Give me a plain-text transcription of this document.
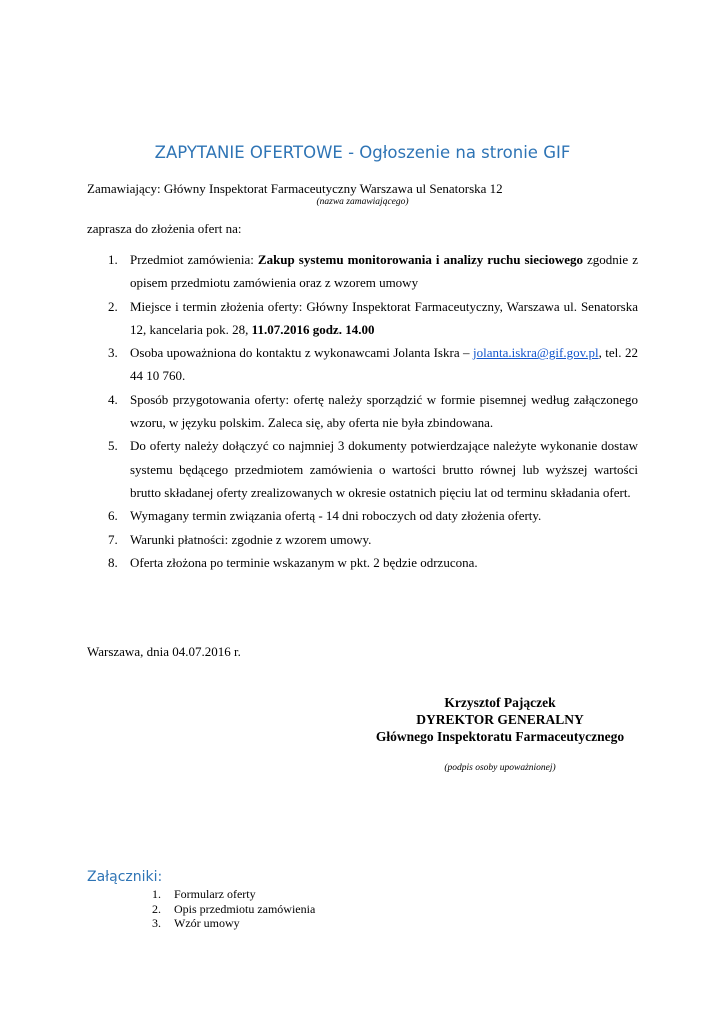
ZAPYTANIE OFERTOWE - Ogłoszenie na stronie GIF
Zamawiający: Główny Inspektorat Farmaceutyczny Warszawa ul Senatorska 12
(nazwa zamawiającego)
zaprasza do złożenia ofert na:
1. Przedmiot zamówienia: Zakup systemu monitorowania i analizy ruchu sieciowego zgodnie z opisem przedmiotu zamówienia oraz z wzorem umowy
2. Miejsce i termin złożenia oferty: Główny Inspektorat Farmaceutyczny, Warszawa ul. Senatorska 12, kancelaria pok. 28, 11.07.2016 godz. 14.00
3. Osoba upoważniona do kontaktu z wykonawcami Jolanta Iskra – jolanta.iskra@gif.gov.pl, tel. 22 44 10 760.
4. Sposób przygotowania oferty: ofertę należy sporządzić w formie pisemnej według załączonego wzoru, w języku polskim. Zaleca się, aby oferta nie była zbindowana.
5. Do oferty należy dołączyć co najmniej 3 dokumenty potwierdzające należyte wykonanie dostaw systemu będącego przedmiotem zamówienia o wartości brutto równej lub wyższej wartości brutto składanej oferty zrealizowanych w okresie ostatnich pięciu lat od terminu składania ofert.
6. Wymagany termin związania ofertą - 14 dni roboczych od daty złożenia oferty.
7. Warunki płatności: zgodnie z wzorem umowy.
8. Oferta złożona po terminie wskazanym w pkt. 2 będzie odrzucona.
Warszawa, dnia 04.07.2016 r.
Krzysztof Pajączek
DYREKTOR GENERALNY
Głównego Inspektoratu Farmaceutycznego
(podpis osoby upoważnionej)
Załączniki:
1. Formularz oferty
2. Opis przedmiotu zamówienia
3. Wzór umowy
